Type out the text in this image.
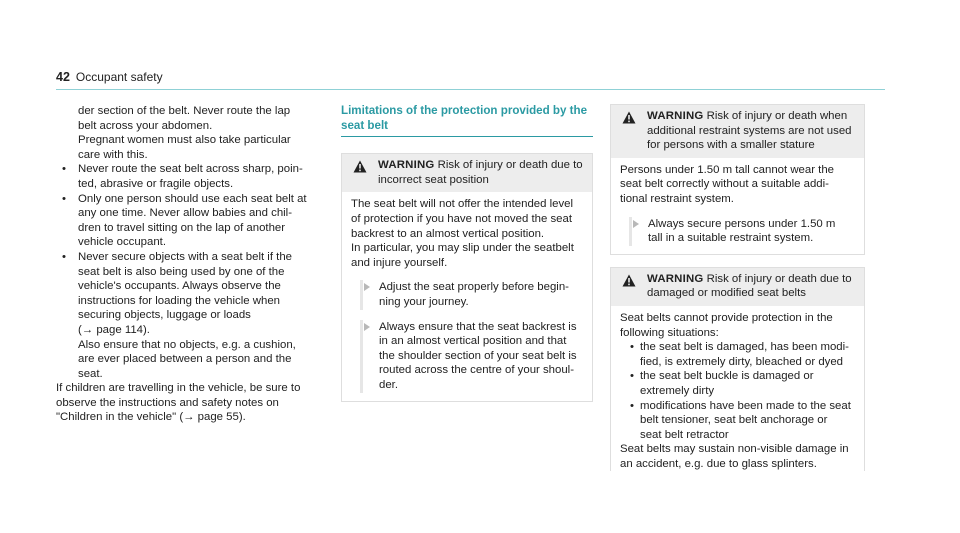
42 Occupant safety

der section of the belt. Never route the lap

belt across your abdomen.

Pregnant women must also take particular

care with this.

• Never route the seat belt across sharp, poin-

ted, abrasive or fragile objects.

• Only one person should use each seat belt at

any one time. Never allow babies and chil-

dren to travel sitting on the lap of another

vehicle occupant.

• Never secure objects with a seat belt if the

seat belt is also being used by one of the

vehicle's occupants. Always observe the

instructions for loading the vehicle when

securing objects, luggage or loads

(→ page 114).

Also ensure that no objects, e.g. a cushion,

are ever placed between a person and the

seat.

If children are travelling in the vehicle, be sure to

observe the instructions and safety notes on

"Children in the vehicle" (→ page 55).

Limitations of the protection provided by the

seat belt

WARNING Risk of injury or death due to

incorrect seat position

The seat belt will not offer the intended level

of protection if you have not moved the seat

backrest to an almost vertical position.

In particular, you may slip under the seatbelt

and injure yourself.

Adjust the seat properly before begin-

ning your journey.

Always ensure that the seat backrest is

in an almost vertical position and that

the shoulder section of your seat belt is

routed across the centre of your shoul-

der.

WARNING Risk of injury or death when

additional restraint systems are not used

for persons with a smaller stature

Persons under 1.50 m tall cannot wear the

seat belt correctly without a suitable addi-

tional restraint system.

Always secure persons under 1.50 m

tall in a suitable restraint system.

WARNING Risk of injury or death due to

damaged or modified seat belts

Seat belts cannot provide protection in the

following situations:

• the seat belt is damaged, has been modi-

fied, is extremely dirty, bleached or dyed

• the seat belt buckle is damaged or

extremely dirty

• modifications have been made to the seat

belt tensioner, seat belt anchorage or

seat belt retractor

Seat belts may sustain non-visible damage in

an accident, e.g. due to glass splinters.
